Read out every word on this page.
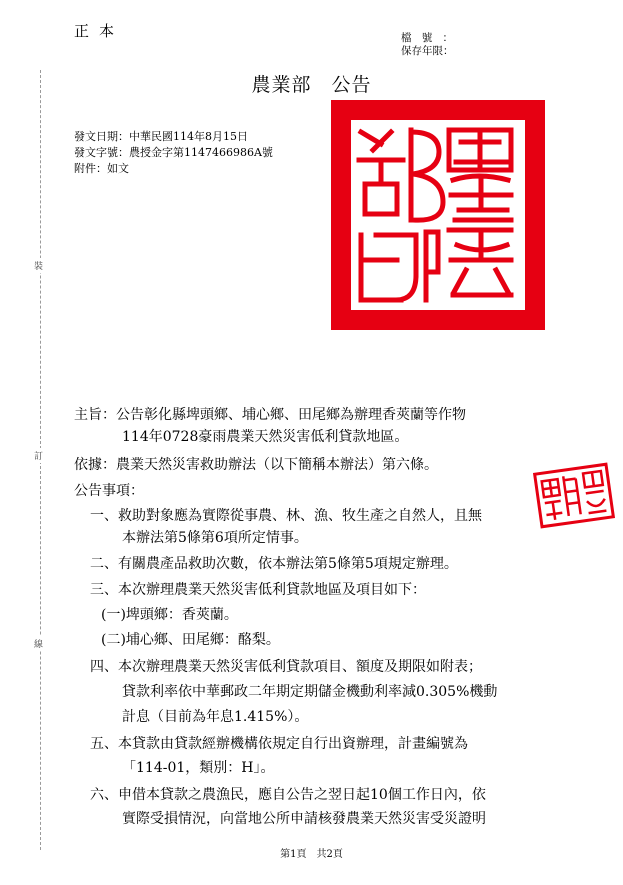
正本	檔號：
保存年限：
裝
訂
線
農業部　公告
發文日期：中華民國114年8月15日
發文字號：農授金字第1147466986A號
附件：如文
主旨：公告彰化縣埤頭鄉、埔心鄉、田尾鄉為辦理香莢蘭等作物
114年0728豪雨農業天然災害低利貸款地區。
依據：農業天然災害救助辦法（以下簡稱本辦法）第六條。
公告事項：
一、救助對象應為實際從事農、林、漁、牧生產之自然人，且無
本辦法第5條第6項所定情事。
二、有關農產品救助次數，依本辦法第5條第5項規定辦理。
三、本次辦理農業天然災害低利貸款地區及項目如下：
(一)埤頭鄉：香莢蘭。
(二)埔心鄉、田尾鄉：酪梨。
四、本次辦理農業天然災害低利貸款項目、額度及期限如附表；
貸款利率依中華郵政二年期定期儲金機動利率減0.305%機動
計息（目前為年息1.415%）。
五、本貸款由貸款經辦機構依規定自行出資辦理，計畫編號為
「114-01，類別：H」。
六、申借本貸款之農漁民，應自公告之翌日起10個工作日內，依
實際受損情況，向當地公所申請核發農業天然災害受災證明
第1頁　共2頁
